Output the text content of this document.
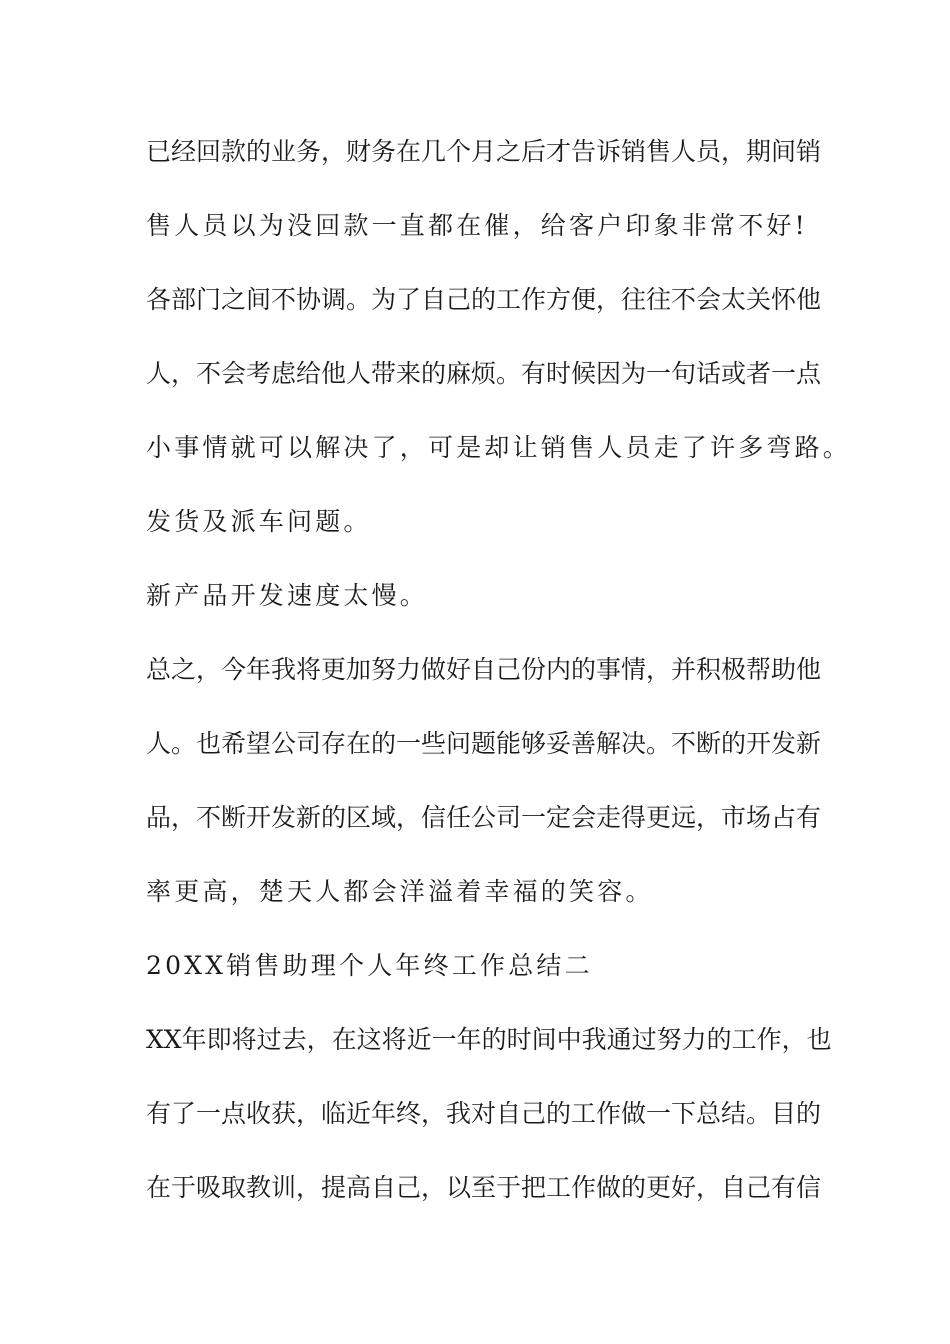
已经回款的业务，财务在几个月之后才告诉销售人员，期间销
售人员以为没回款一直都在催，给客户印象非常不好!
各部门之间不协调。为了自己的工作方便，往往不会太关怀他
人，不会考虑给他人带来的麻烦。有时候因为一句话或者一点
小事情就可以解决了，可是却让销售人员走了许多弯路。
发货及派车问题。
新产品开发速度太慢。
总之，今年我将更加努力做好自己份内的事情，并积极帮助他
人。也希望公司存在的一些问题能够妥善解决。不断的开发新
品，不断开发新的区域，信任公司一定会走得更远，市场占有
率更高，楚天人都会洋溢着幸福的笑容。
20XX销售助理个人年终工作总结二
XX年即将过去，在这将近一年的时间中我通过努力的工作，也
有了一点收获，临近年终，我对自己的工作做一下总结。目的
在于吸取教训，提高自己，以至于把工作做的更好，自己有信
